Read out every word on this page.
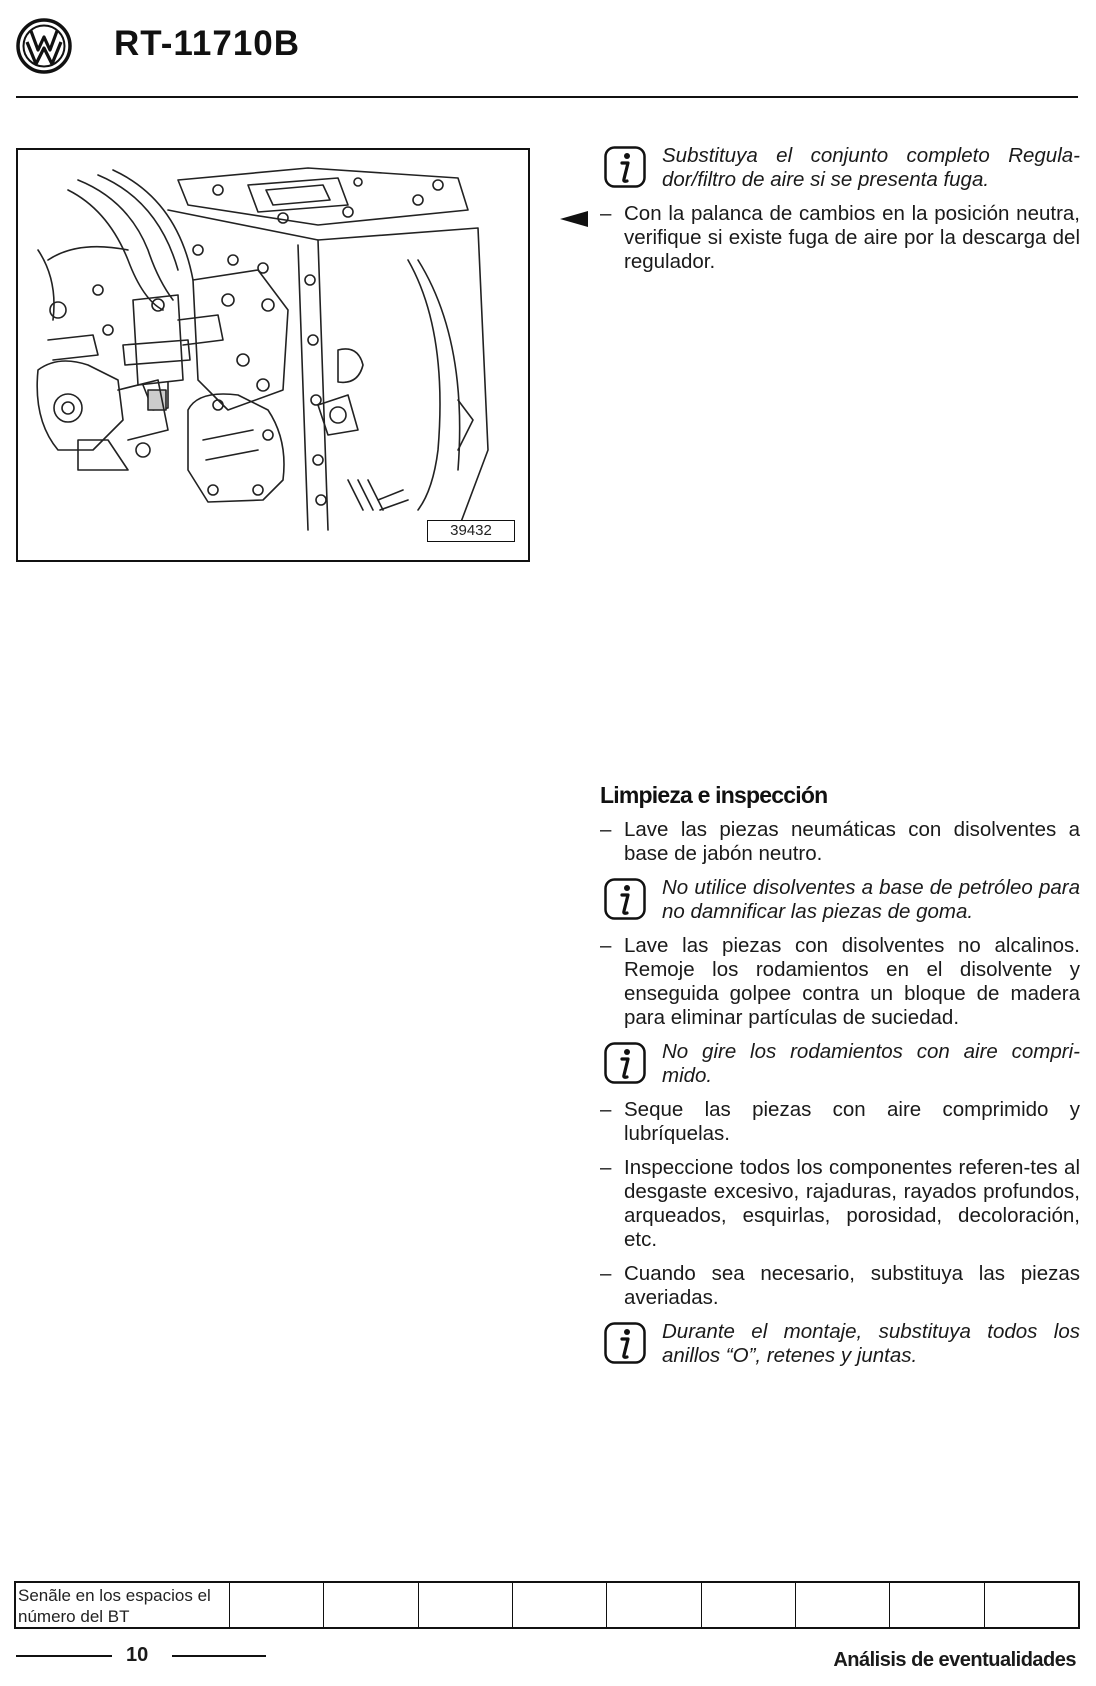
RT-11710B
39432
Substituya el conjunto completo Regula-dor/filtro de aire si se presenta fuga.
– Con la palanca de cambios en la posición neutra, verifique si existe fuga de aire por la descarga del regulador.
Limpieza e inspección
– Lave las piezas neumáticas con disolventes a base de jabón neutro.
No utilice disolventes a base de petróleo para no damnificar las piezas de goma.
– Lave las piezas con disolventes no alcalinos. Remoje los rodamientos en el disolvente y enseguida golpee contra un bloque de madera para eliminar partículas de suciedad.
No gire los rodamientos con aire compri-mido.
– Seque las piezas con aire comprimido y lubríquelas.
– Inspeccione todos los componentes referen-tes al desgaste excesivo, rajaduras, rayados profundos, arqueados, esquirlas, porosidad, decoloración, etc.
– Cuando sea necesario, substituya las piezas averiadas.
Durante el montaje, substituya todos los anillos “O”, retenes y juntas.
Senãle en los espacios el número del BT
10	Análisis de eventualidades
